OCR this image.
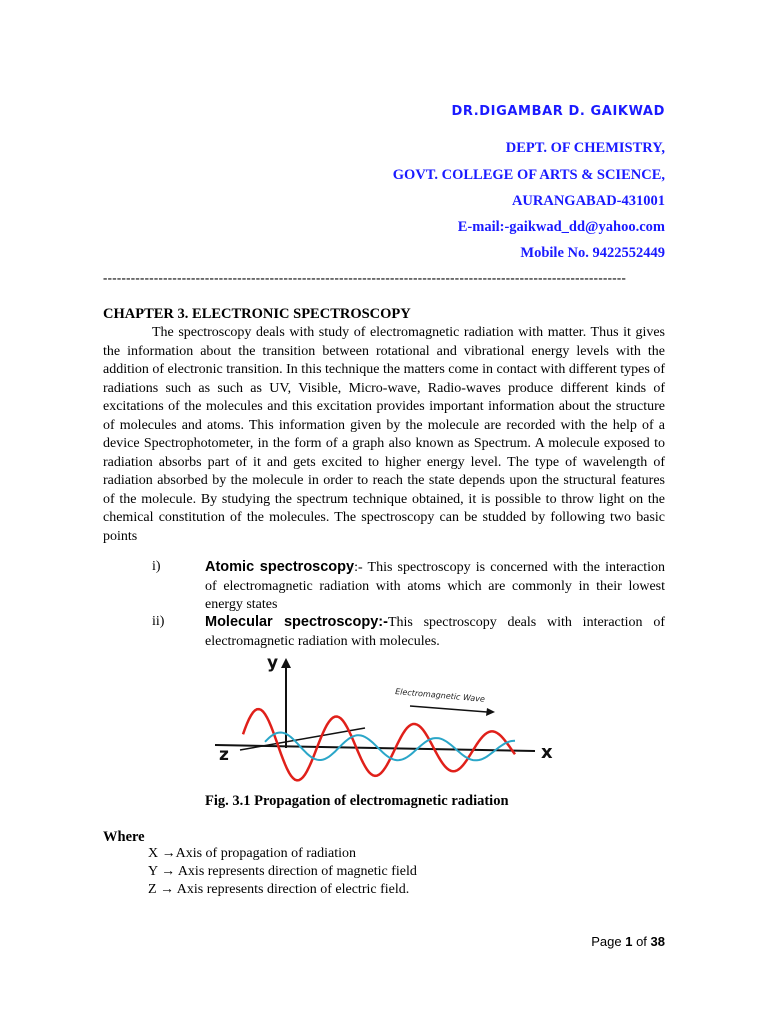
DR.DIGAMBAR D. GAIKWAD
DEPT. OF CHEMISTRY,
GOVT. COLLEGE OF ARTS & SCIENCE,
AURANGABAD-431001
E-mail:-gaikwad_dd@yahoo.com
Mobile No. 9422552449
-----------------------------------------------------------------------------------------------------------------
CHAPTER 3. ELECTRONIC SPECTROSCOPY

The spectroscopy deals with study of electromagnetic radiation with matter. Thus it gives the information about the transition between rotational and vibrational energy levels with the addition of electronic transition. In this technique the matters come in contact with different types of radiations such as such as UV, Visible, Micro-wave, Radio-waves produce different kinds of excitations of the molecules and this excitation provides important information about the structure of molecules and atoms. This information given by the molecule are recorded with the help of a device Spectrophotometer, in the form of a graph also known as Spectrum. A molecule exposed to radiation absorbs part of it and gets excited to higher energy level. The type of wavelength of radiation absorbed by the molecule in order to reach the state depends upon the structural features of the molecule. By studying the spectrum technique obtained, it is possible to throw light on the chemical constitution of the molecules. The spectroscopy can be studded by following two basic points

i)	Atomic spectroscopy:- This spectroscopy is concerned with the interaction of electromagnetic radiation with atoms which are commonly in their lowest energy states
ii)	Molecular spectroscopy:-This spectroscopy deals with interaction of electromagnetic radiation with molecules.
y
x
z
Electromagnetic Wave
Fig. 3.1 Propagation of electromagnetic radiation
Where
X →Axis of propagation of radiation
Y → Axis represents direction of magnetic field
Z → Axis represents direction of electric field.
Page 1 of 38
